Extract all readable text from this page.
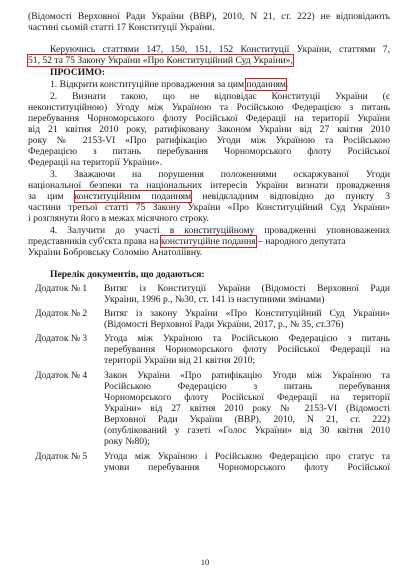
(Відомості Верховної Ради України (ВВР), 2010, N 21, ст. 222) не відповідають
частині сьомій статті 17 Конституції України.
Керуючись статтями 147, 150, 151, 152 Конституції України, статтями 7,
51, 52 та 75 Закону України «Про Конституційний Суд України»,
ПРОСИМО:
1. Відкрити конституційне провадження за цим поданням.
2. Визнати такою, що не відповідає Конституції України (є
неконституційною) Угоду між Україною та Російською Федерацією з питань
перебування Чорноморського флоту Російської Федерації на території України
від 21 квітня 2010 року, ратифіковану Законом України від 27 квітня 2010
року № 2153-VI «Про ратифікацію Угоди між Україною та Російською
Федерацією з питань перебування Чорноморського флоту Російської
Федерації на території України».
3. Зважаючи на порушення положеннями оскаржуваної Угоди
національної безпеки та національних інтересів України визнати провадження
за цим конституційним поданням невідкладним відповідно до пункту 3
частини третьої статті 75 Закону України «Про Конституційний Суд України»
і розглянути його в межах місячного строку.
4. Залучити до участі в конституційному провадженні уповноважених
представників суб'єкта права на конституційне подання – народного депутата
України Бобровську Соломію Анатоліївну.
Перелік документів, що додаються:
Додаток № 1 Витяг із Конституції України (Відомості Верховної Ради
України, 1996 р., №30, ст. 141 із наступними змінами)
Додаток № 2 Витяг із закону України «Про Конституційний Суд України»
(Відомості Верховної Ради України, 2017, р., № 35, ст.376)
Додаток № 3 Угода між Україною та Російською Федерацією з питань
перебування Чорноморського флоту Російської Федерації на
території України від 21 квітня 2010;
Додаток № 4 Закон України «Про ратифікацію Угоди між Україною та
Російською Федерацією з питань перебування
Чорноморського флоту Російської Федерації на території
України» від 27 квітня 2010 року № 2153-VI (Відомості
Верховної Ради України (ВВР), 2010, N 21, ст. 222)
(опублікований у газеті «Голос України» від 30 квітня 2010
року №80);
Додаток № 5 Угода між Україною і Російською Федерацією про статус та
умови перебування Чорноморського флоту Російської
10
